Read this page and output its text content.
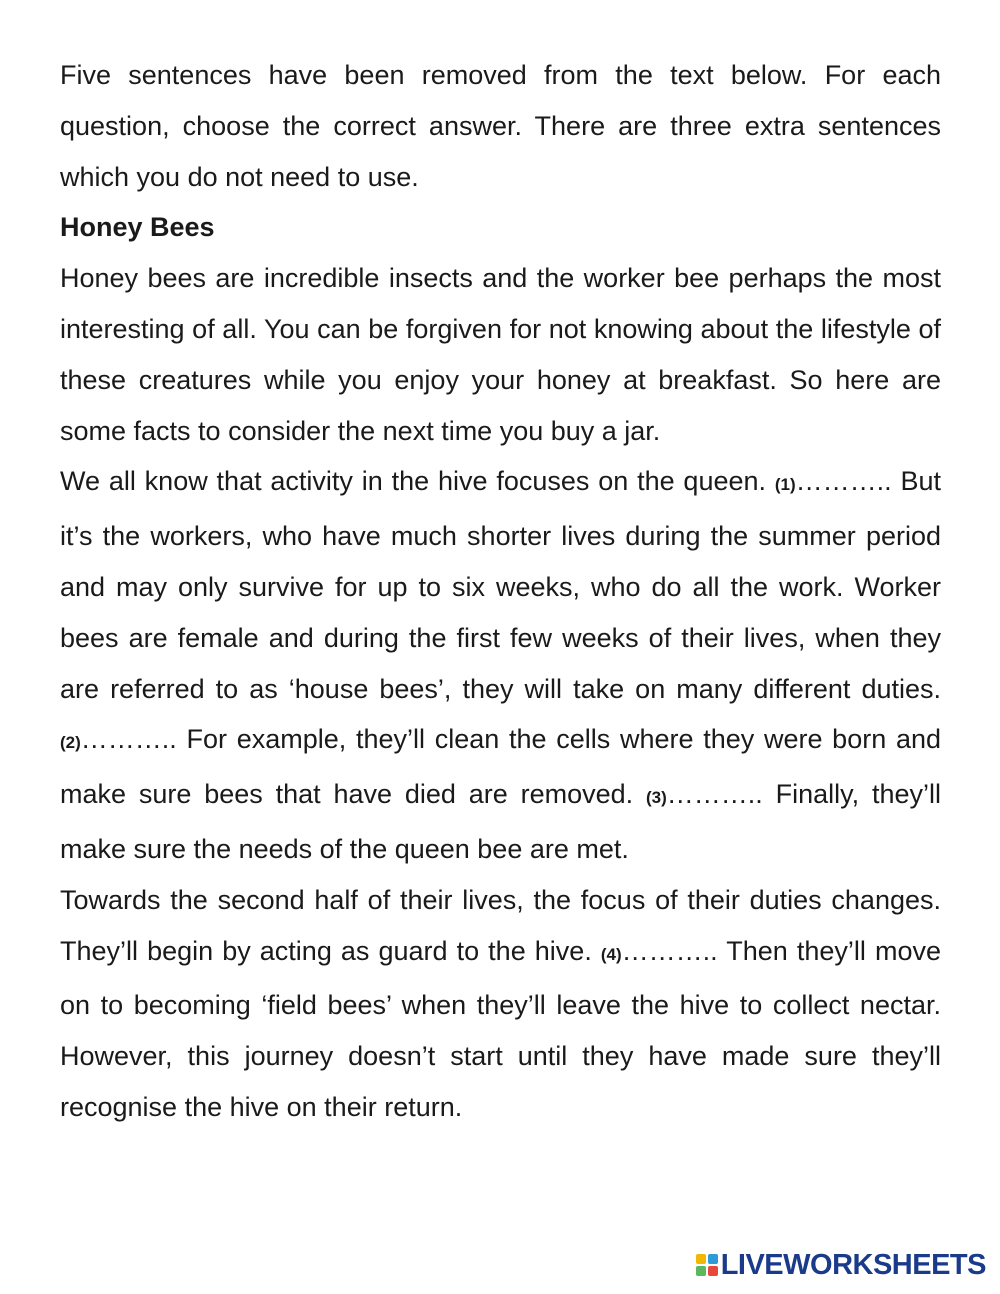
Five sentences have been removed from the text below. For each question, choose the correct answer. There are three extra sentences which you do not need to use.

Honey Bees

Honey bees are incredible insects and the worker bee perhaps the most interesting of all. You can be forgiven for not knowing about the lifestyle of these creatures while you enjoy your honey at breakfast. So here are some facts to consider the next time you buy a jar.

We all know that activity in the hive focuses on the queen. (1)……….. But it’s the workers, who have much shorter lives during the summer period and may only survive for up to six weeks, who do all the work. Worker bees are female and during the first few weeks of their lives, when they are referred to as ‘house bees’, they will take on many different duties. (2)……….. For example, they’ll clean the cells where they were born and make sure bees that have died are removed. (3)……….. Finally, they’ll make sure the needs of the queen bee are met.

Towards the second half of their lives, the focus of their duties changes. They’ll begin by acting as guard to the hive. (4)……….. Then they’ll move on to becoming ‘field bees’ when they’ll leave the hive to collect nectar. However, this journey doesn’t start until they have made sure they’ll recognise the hive on their return.

LIVEWORKSHEETS
